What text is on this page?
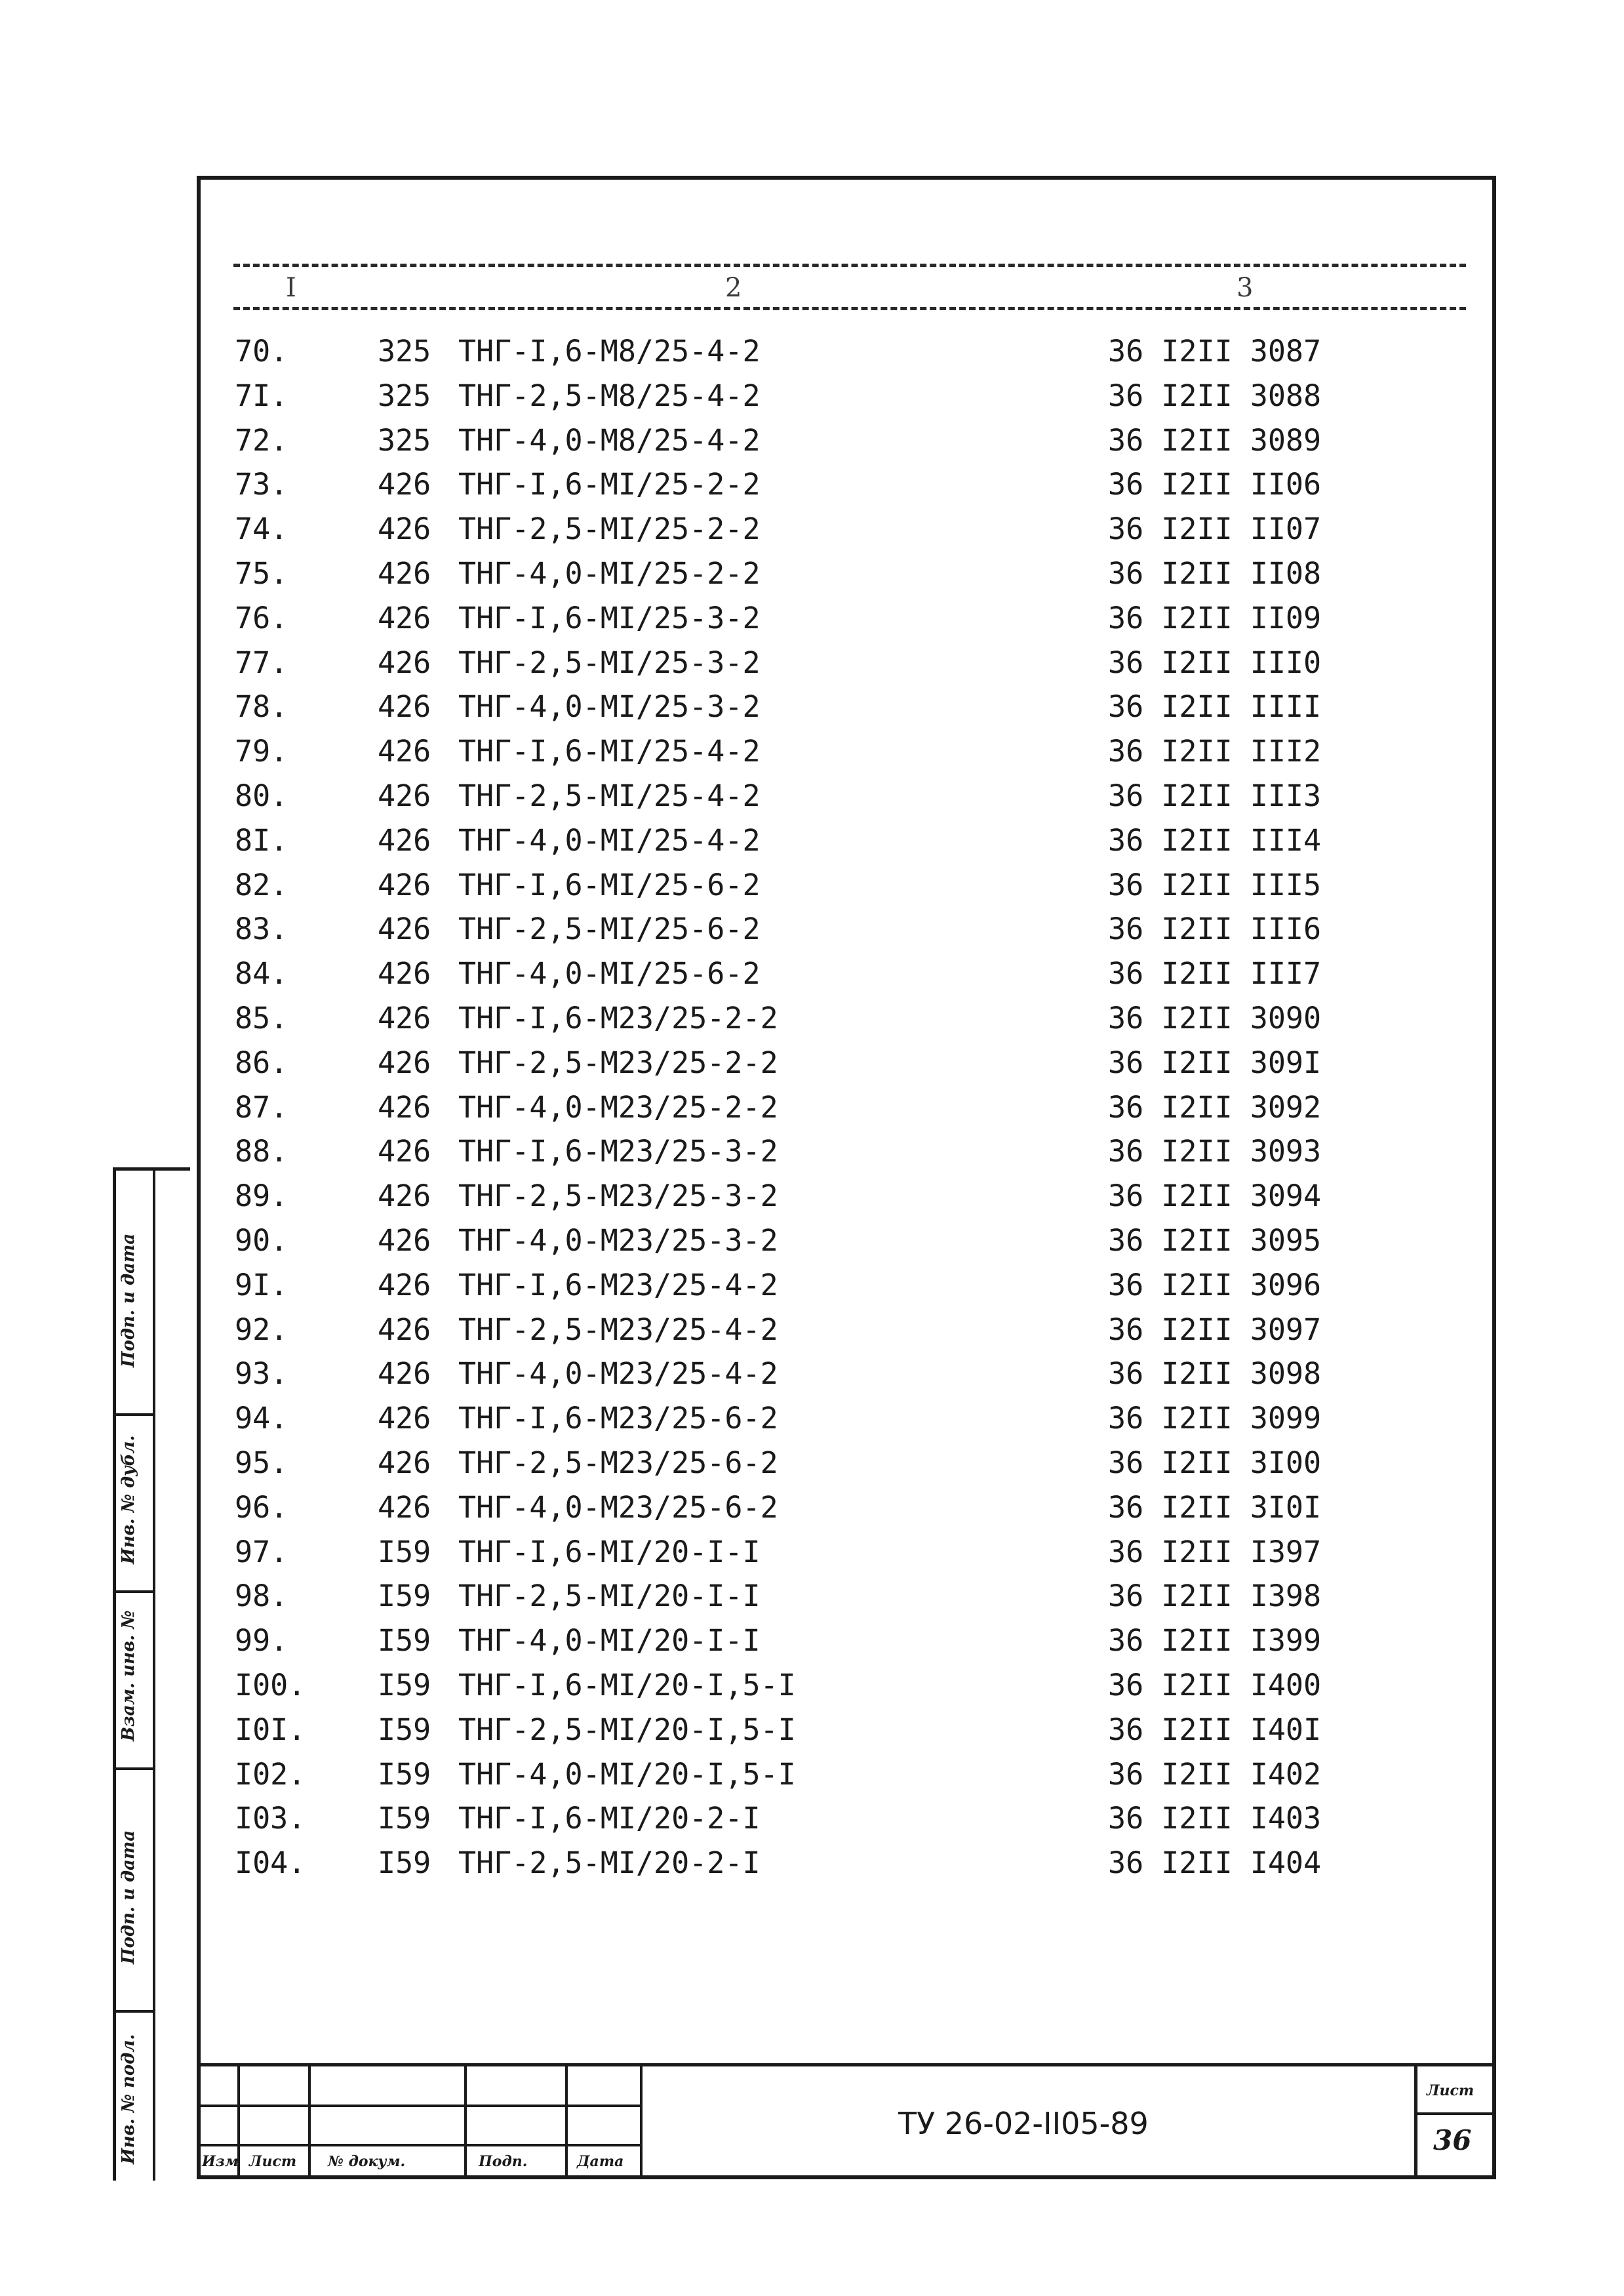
I	2	3
70.	325 ТНГ-I,6-М8/25-4-2	36 I2II 3087
7I.	325 ТНГ-2,5-М8/25-4-2	36 I2II 3088
72.	325 ТНГ-4,0-М8/25-4-2	36 I2II 3089
73.	426 ТНГ-I,6-МI/25-2-2	36 I2II II06
74.	426 ТНГ-2,5-МI/25-2-2	36 I2II II07
75.	426 ТНГ-4,0-МI/25-2-2	36 I2II II08
76.	426 ТНГ-I,6-МI/25-3-2	36 I2II II09
77.	426 ТНГ-2,5-МI/25-3-2	36 I2II III0
78.	426 ТНГ-4,0-МI/25-3-2	36 I2II IIII
79.	426 ТНГ-I,6-МI/25-4-2	36 I2II III2
80.	426 ТНГ-2,5-МI/25-4-2	36 I2II III3
8I.	426 ТНГ-4,0-МI/25-4-2	36 I2II III4
82.	426 ТНГ-I,6-МI/25-6-2	36 I2II III5
83.	426 ТНГ-2,5-МI/25-6-2	36 I2II III6
84.	426 ТНГ-4,0-МI/25-6-2	36 I2II III7
85.	426 ТНГ-I,6-М23/25-2-2	36 I2II 3090
86.	426 ТНГ-2,5-М23/25-2-2	36 I2II 309I
87.	426 ТНГ-4,0-М23/25-2-2	36 I2II 3092
88.	426 ТНГ-I,6-М23/25-3-2	36 I2II 3093
89.	426 ТНГ-2,5-М23/25-3-2	36 I2II 3094
90.	426 ТНГ-4,0-М23/25-3-2	36 I2II 3095
9I.	426 ТНГ-I,6-М23/25-4-2	36 I2II 3096
92.	426 ТНГ-2,5-М23/25-4-2	36 I2II 3097
93.	426 ТНГ-4,0-М23/25-4-2	36 I2II 3098
94.	426 ТНГ-I,6-М23/25-6-2	36 I2II 3099
95.	426 ТНГ-2,5-М23/25-6-2	36 I2II 3I00
96.	426 ТНГ-4,0-М23/25-6-2	36 I2II 3I0I
97.	I59 ТНГ-I,6-МI/20-I-I	36 I2II I397
98.	I59 ТНГ-2,5-МI/20-I-I	36 I2II I398
99.	I59 ТНГ-4,0-МI/20-I-I	36 I2II I399
I00. I59 ТНГ-I,6-МI/20-I,5-I	36 I2II I400
I0I. I59 ТНГ-2,5-МI/20-I,5-I	36 I2II I40I
I02. I59 ТНГ-4,0-МI/20-I,5-I	36 I2II I402
I03. I59 ТНГ-I,6-МI/20-2-I	36 I2II I403
I04. I59 ТНГ-2,5-МI/20-2-I	36 I2II I404
Подп. и дата
Инв. № дубл.
Взам. инв. №
Подп. и дата
Инв. № подл.	Изм Лист № докум.	Подп.	Дата
ТУ 26-02-II05-89
Лист
36
